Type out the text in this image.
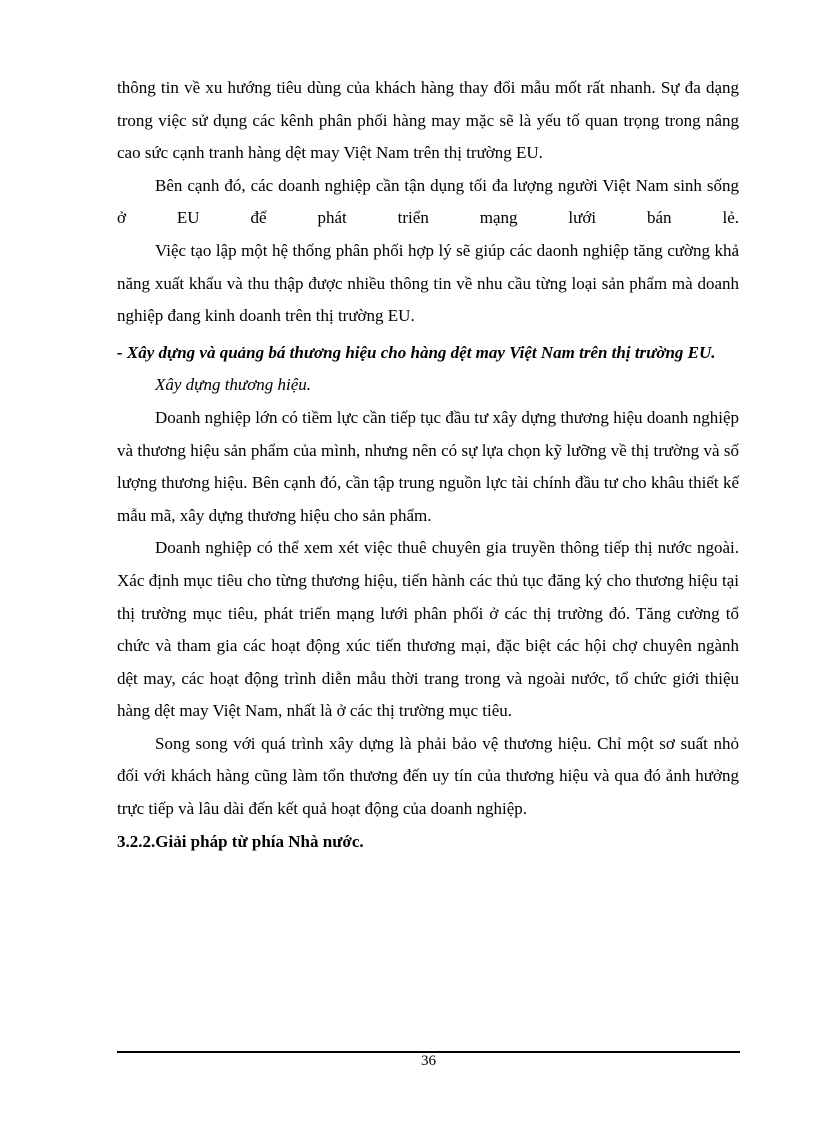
thông tin về xu hướng tiêu dùng của khách hàng thay đổi mẫu mốt rất nhanh. Sự đa dạng trong việc sử dụng các kênh phân phối hàng may mặc sẽ là yếu tố quan trọng trong nâng cao sức cạnh tranh hàng dệt may Việt Nam trên thị trường EU.

Bên cạnh đó, các doanh nghiệp cần tận dụng tối đa lượng người Việt Nam sinh sống ở EU để phát triển mạng lưới bán lẻ.

Việc tạo lập một hệ thống phân phối hợp lý sẽ giúp các daonh nghiệp tăng cường khả năng xuất khẩu và thu thập được nhiều thông tin về nhu cầu từng loại sản phẩm mà doanh nghiệp đang kinh doanh trên thị trường EU.

- Xây dựng và quảng bá thương hiệu cho hàng dệt may Việt Nam trên thị trường EU.

Xây dựng thương hiệu.

Doanh nghiệp lớn có tiềm lực cần tiếp tục đầu tư xây dựng thương hiệu doanh nghiệp và thương hiệu sản phẩm của mình, nhưng nên có sự lựa chọn kỹ lưỡng về thị trường và số lượng thương hiệu. Bên cạnh đó, cần tập trung nguồn lực tài chính đầu tư cho khâu thiết kế mẫu mã, xây dựng thương hiệu cho sản phẩm.

Doanh nghiệp có thể xem xét việc thuê chuyên gia truyền thông tiếp thị nước ngoài. Xác định mục tiêu cho từng thương hiệu, tiến hành các thủ tục đăng ký cho thương hiệu tại thị trường mục tiêu, phát triển mạng lưới phân phối ở các thị trường đó. Tăng cường tổ chức và tham gia các hoạt động xúc tiến thương mại, đặc biệt các hội chợ chuyên ngành dệt may, các hoạt động trình diễn mẫu thời trang trong và ngoài nước, tổ chức giới thiệu hàng dệt may Việt Nam, nhất là ở các thị trường mục tiêu.

Song song với quá trình xây dựng là phải bảo vệ thương hiệu. Chỉ một sơ suất nhỏ đối với khách hàng cũng làm tổn thương đến uy tín của thương hiệu và qua đó ảnh hưởng trực tiếp và lâu dài đến kết quả hoạt động của doanh nghiệp.

3.2.2.Giải pháp từ phía Nhà nước.

36
